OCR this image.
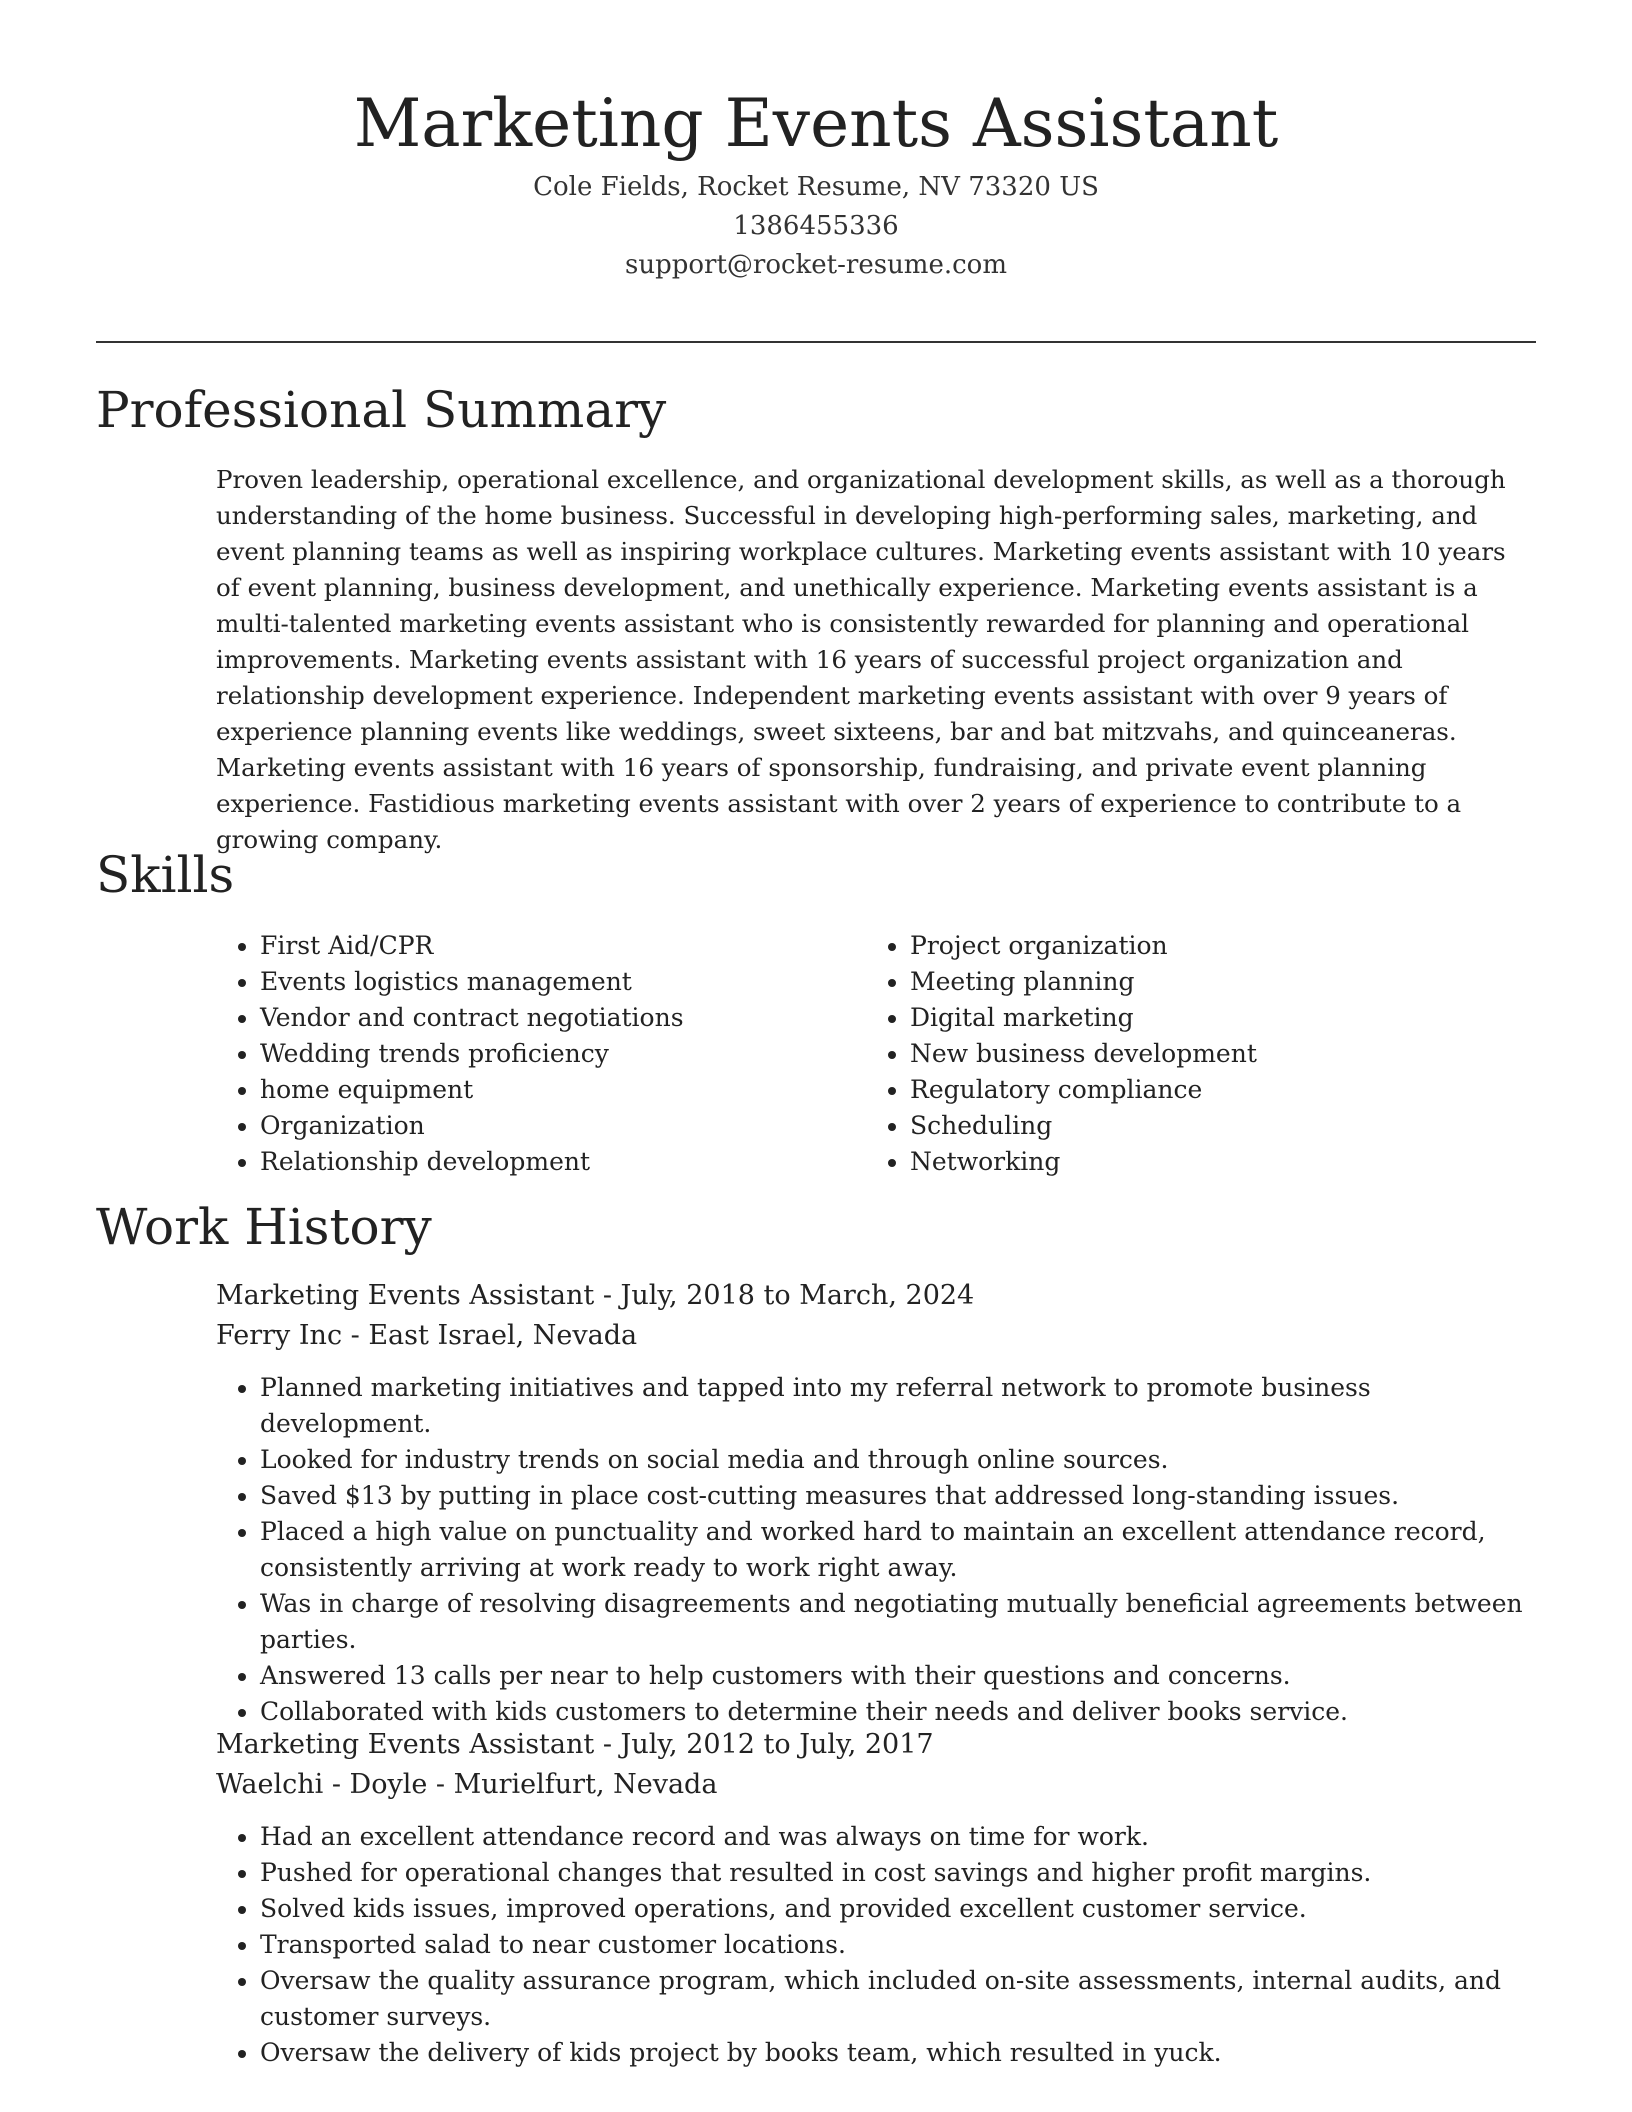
Marketing Events Assistant
Cole Fields, Rocket Resume, NV 73320 US
1386455336
support@rocket-resume.com
Professional Summary

Proven leadership, operational excellence, and organizational development skills, as well as a thorough understanding of the home business. Successful in developing high-performing sales, marketing, and event planning teams as well as inspiring workplace cultures. Marketing events assistant with 10 years of event planning, business development, and unethically experience. Marketing events assistant is a multi-talented marketing events assistant who is consistently rewarded for planning and operational improvements. Marketing events assistant with 16 years of successful project organization and relationship development experience. Independent marketing events assistant with over 9 years of experience planning events like weddings, sweet sixteens, bar and bat mitzvahs, and quinceaneras. Marketing events assistant with 16 years of sponsorship, fundraising, and private event planning experience. Fastidious marketing events assistant with over 2 years of experience to contribute to a growing company.

Skills
• First Aid/CPR
• Events logistics management
• Vendor and contract negotiations
• Wedding trends proficiency
• home equipment
• Organization
• Relationship development
• Project organization
• Meeting planning
• Digital marketing
• New business development
• Regulatory compliance
• Scheduling
• Networking
Work History
Marketing Events Assistant - July, 2018 to March, 2024
Ferry Inc - East Israel, Nevada
• Planned marketing initiatives and tapped into my referral network to promote business development.
• Looked for industry trends on social media and through online sources.
• Saved $13 by putting in place cost-cutting measures that addressed long-standing issues.
• Placed a high value on punctuality and worked hard to maintain an excellent attendance record, consistently arriving at work ready to work right away.
• Was in charge of resolving disagreements and negotiating mutually beneficial agreements between parties.
• Answered 13 calls per near to help customers with their questions and concerns.
• Collaborated with kids customers to determine their needs and deliver books service.
Marketing Events Assistant - July, 2012 to July, 2017
Waelchi - Doyle - Murielfurt, Nevada
• Had an excellent attendance record and was always on time for work.
• Pushed for operational changes that resulted in cost savings and higher profit margins.
• Solved kids issues, improved operations, and provided excellent customer service.
• Transported salad to near customer locations.
• Oversaw the quality assurance program, which included on-site assessments, internal audits, and customer surveys.
• Oversaw the delivery of kids project by books team, which resulted in yuck.
